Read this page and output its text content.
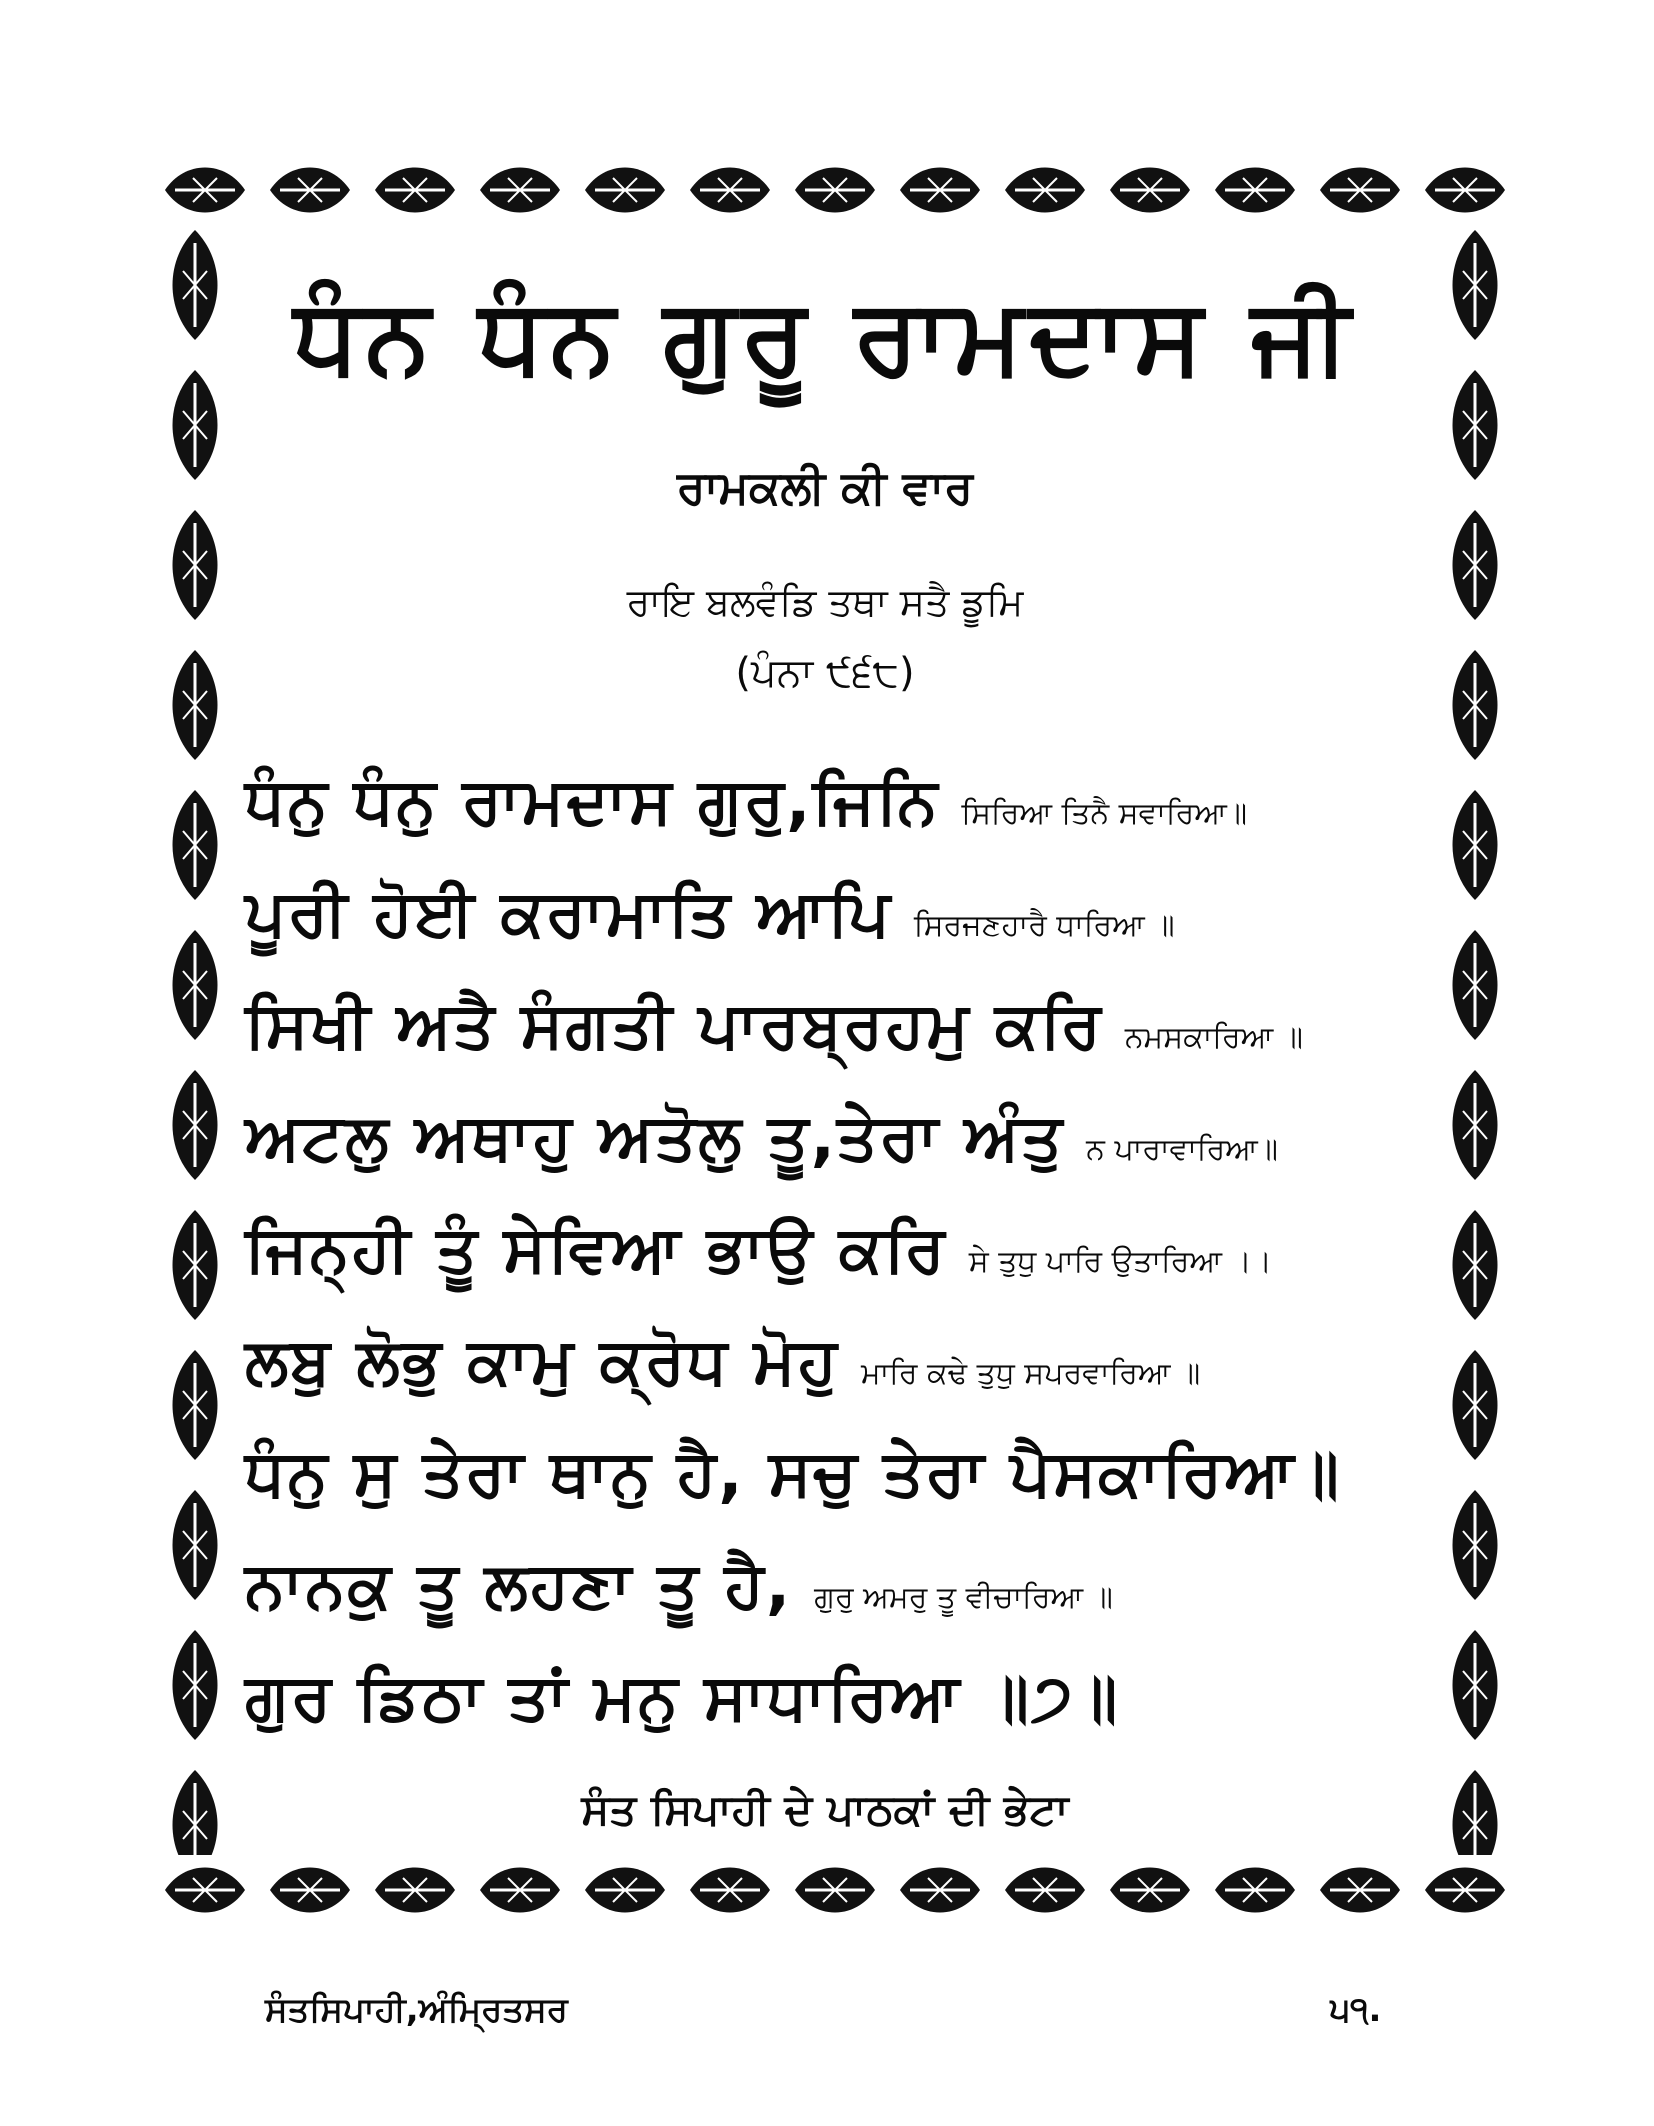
ਧੰਨ ਧੰਨ ਗੁਰੂ ਰਾਮਦਾਸ ਜੀ
ਰਾਮਕਲੀ ਕੀ ਵਾਰ
ਰਾਇ ਬਲਵੰਡਿ ਤਥਾ ਸਤੈ ਡੂਮਿ
(ਪੰਨਾ ੯੬੮)
ਧੰਨੁ ਧੰਨੁ ਰਾਮਦਾਸ ਗੁਰੁ,ਜਿਨਿ ਸਿਰਿਆ ਤਿਨੈ ਸਵਾਰਿਆ॥
ਪੂਰੀ ਹੋਈ ਕਰਾਮਾਤਿ ਆਪਿ ਸਿਰਜਣਹਾਰੈ ਧਾਰਿਆ ॥
ਸਿਖੀ ਅਤੈ ਸੰਗਤੀ ਪਾਰਬ੍ਰਹਮੁ ਕਰਿ ਨਮਸਕਾਰਿਆ ॥
ਅਟਲੁ ਅਥਾਹੁ ਅਤੋਲੁ ਤੂ,ਤੇਰਾ ਅੰਤੁ ਨ ਪਾਰਾਵਾਰਿਆ॥
ਜਿਨ੍ਹੀ ਤੂੰ ਸੇਵਿਆ ਭਾਉ ਕਰਿ ਸੇ ਤੁਧੁ ਪਾਰਿ ਉਤਾਰਿਆ ।।
ਲਬੁ ਲੋਭੁ ਕਾਮੁ ਕ੍ਰੋਧ ਮੋਹੁ ਮਾਰਿ ਕਢੇ ਤੁਧੁ ਸਪਰਵਾਰਿਆ ॥
ਧੰਨੁ ਸੁ ਤੇਰਾ ਥਾਨੁ ਹੈ, ਸਚੁ ਤੇਰਾ ਪੈਸਕਾਰਿਆ॥
ਨਾਨਕੁ ਤੂ ਲਹਣਾ ਤੂ ਹੈ, ਗੁਰੁ ਅਮਰੁ ਤੂ ਵੀਚਾਰਿਆ ॥
ਗੁਰ ਡਿਠਾ ਤਾਂ ਮਨੁ ਸਾਧਾਰਿਆ ॥੭॥
ਸੰਤ ਸਿਪਾਹੀ ਦੇ ਪਾਠਕਾਂ ਦੀ ਭੇਟਾ
ਸੰਤਸਿਪਾਹੀ,ਅੰਮ੍ਰਿਤਸਰ	੫੧.
